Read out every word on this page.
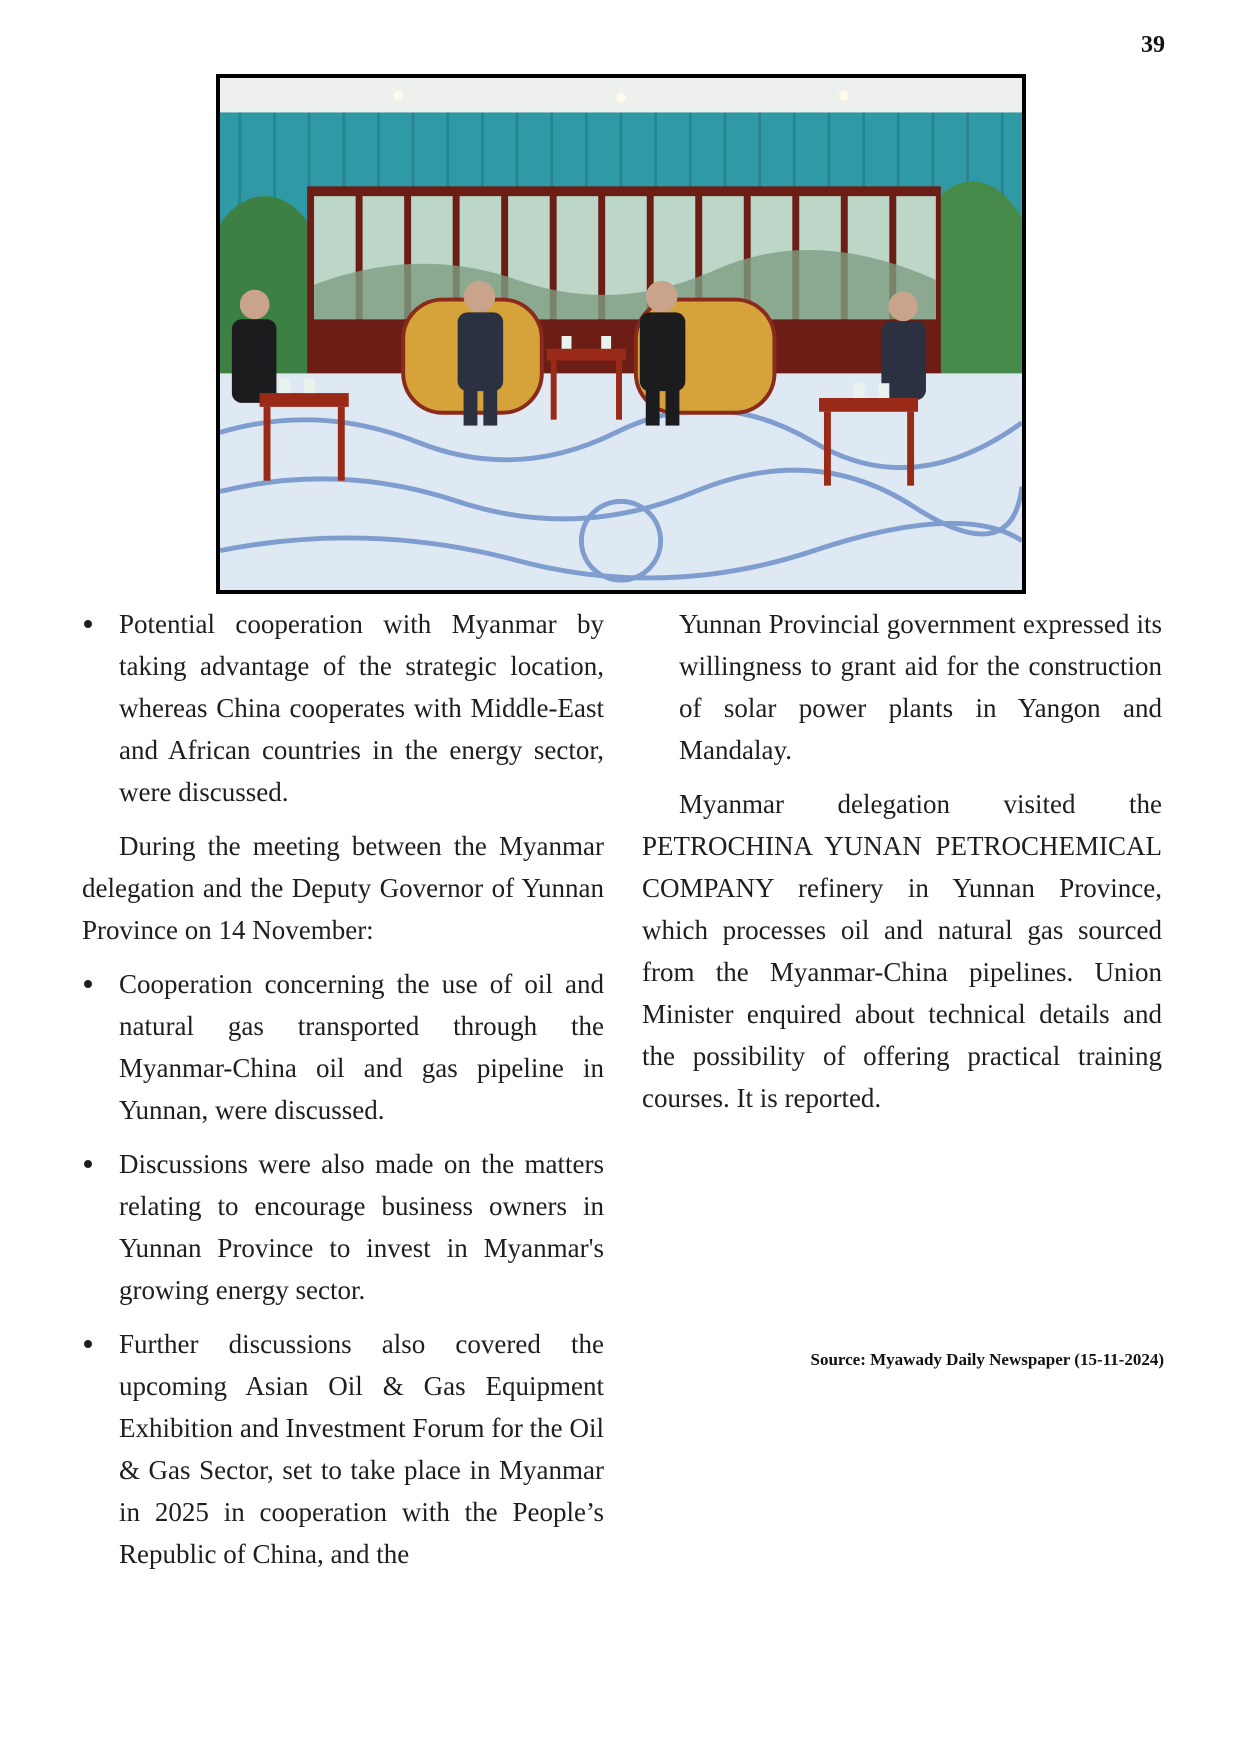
39
Potential cooperation with Myanmar by taking advantage of the strategic location, whereas China cooperates with Middle-East and African countries in the energy sector, were discussed.
During the meeting between the Myanmar delegation and the Deputy Governor of Yunnan Province on 14 November:
Cooperation concerning the use of oil and natural gas transported through the Myanmar-China oil and gas pipeline in Yunnan, were discussed.
Discussions were also made on the matters relating to encourage business owners in Yunnan Province to invest in Myanmar's growing energy sector.
Further discussions also covered the upcoming Asian Oil & Gas Equipment Exhibition and Investment Forum for the Oil & Gas Sector, set to take place in Myanmar in 2025 in cooperation with the People’s Republic of China, and the
Yunnan Provincial government expressed its willingness to grant aid for the construction of solar power plants in Yangon and Mandalay.
Myanmar delegation visited the PETROCHINA YUNAN PETROCHEMICAL COMPANY refinery in Yunnan Province, which processes oil and natural gas sourced from the Myanmar-China pipelines. Union Minister enquired about technical details and the possibility of offering practical training courses. It is reported.
Source: Myawady Daily Newspaper (15-11-2024)
